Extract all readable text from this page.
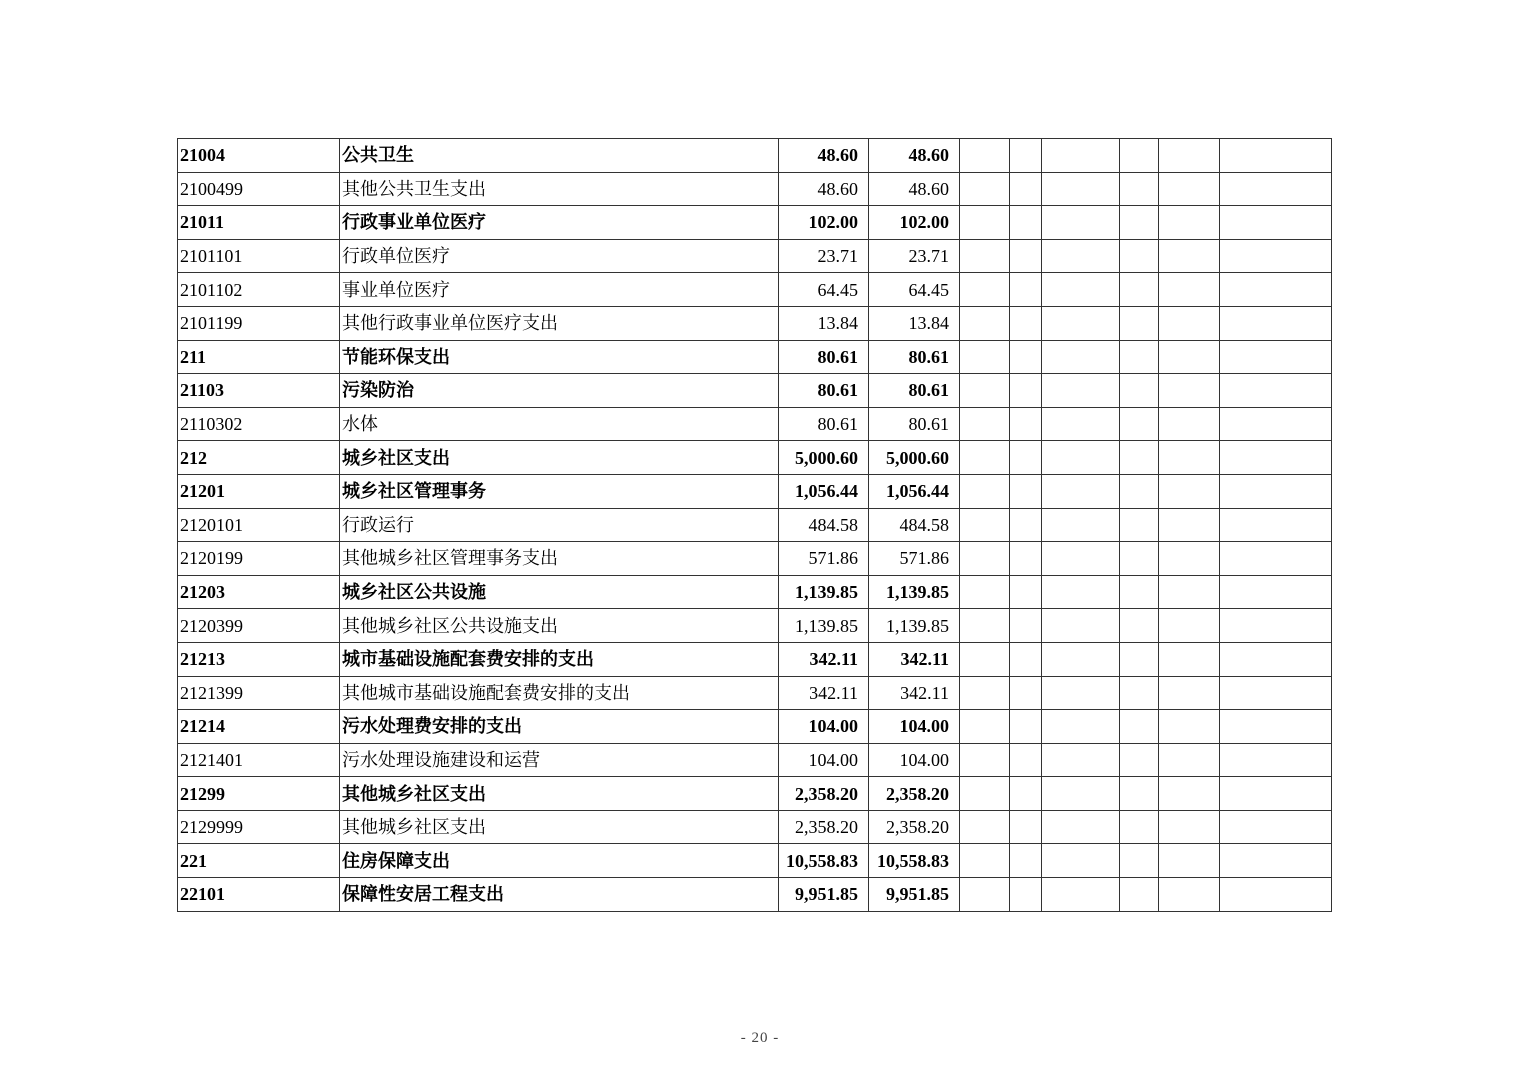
21004	公共卫生	48.60	48.60						
2100499	其他公共卫生支出	48.60	48.60						
21011	行政事业单位医疗	102.00	102.00						
2101101	行政单位医疗	23.71	23.71						
2101102	事业单位医疗	64.45	64.45						
2101199	其他行政事业单位医疗支出	13.84	13.84						
211	节能环保支出	80.61	80.61						
21103	污染防治	80.61	80.61						
2110302	水体	80.61	80.61						
212	城乡社区支出	5,000.60	5,000.60						
21201	城乡社区管理事务	1,056.44	1,056.44						
2120101	行政运行	484.58	484.58						
2120199	其他城乡社区管理事务支出	571.86	571.86						
21203	城乡社区公共设施	1,139.85	1,139.85						
2120399	其他城乡社区公共设施支出	1,139.85	1,139.85						
21213	城市基础设施配套费安排的支出	342.11	342.11						
2121399	其他城市基础设施配套费安排的支出	342.11	342.11						
21214	污水处理费安排的支出	104.00	104.00						
2121401	污水处理设施建设和运营	104.00	104.00						
21299	其他城乡社区支出	2,358.20	2,358.20						
2129999	其他城乡社区支出	2,358.20	2,358.20						
221	住房保障支出	10,558.83	10,558.83						
22101	保障性安居工程支出	9,951.85	9,951.85						
- 20 -
